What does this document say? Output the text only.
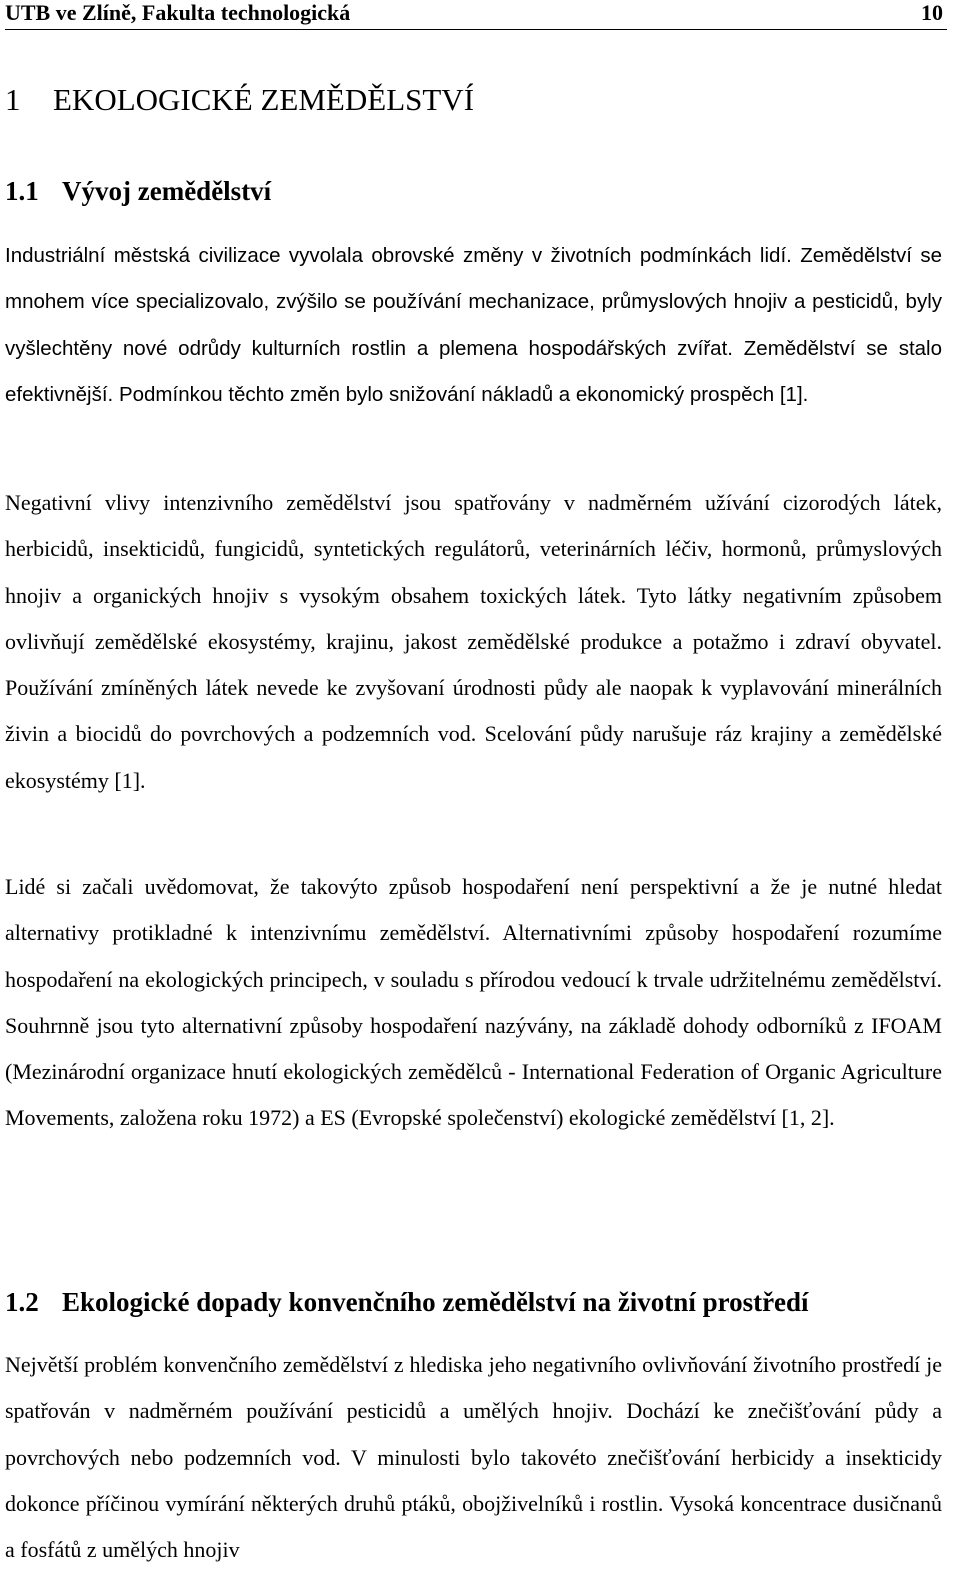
UTB ve Zlíně, Fakulta technologická	10
1 EKOLOGICKÉ ZEMĚDĚLSTVÍ
1.1 Vývoj zemědělství

Industriální městská civilizace vyvolala obrovské změny v životních podmínkách lidí. Zemědělství se mnohem více specializovalo, zvýšilo se používání mechanizace, průmyslových hnojiv a pesticidů, byly vyšlechtěny nové odrůdy kulturních rostlin a plemena hospodářských zvířat. Zemědělství se stalo efektivnější. Podmínkou těchto změn bylo snižování nákladů a ekonomický prospěch [1].

Negativní vlivy intenzivního zemědělství jsou spatřovány v nadměrném užívání cizorodých látek, herbicidů, insekticidů, fungicidů, syntetických regulátorů, veterinárních léčiv, hormonů, průmyslových hnojiv a organických hnojiv s vysokým obsahem toxických látek. Tyto látky negativním způsobem ovlivňují zemědělské ekosystémy, krajinu, jakost zemědělské produkce a potažmo i zdraví obyvatel. Používání zmíněných látek nevede ke zvyšovaní úrodnosti půdy ale naopak k vyplavování minerálních živin a biocidů do povrchových a podzemních vod. Scelování půdy narušuje ráz krajiny a zemědělské ekosystémy [1].

Lidé si začali uvědomovat, že takovýto způsob hospodaření není perspektivní a že je nutné hledat alternativy protikladné k intenzivnímu zemědělství. Alternativními způsoby hospodaření rozumíme hospodaření na ekologických principech, v souladu s přírodou vedoucí k trvale udržitelnému zemědělství. Souhrnně jsou tyto alternativní způsoby hospodaření nazývány, na základě dohody odborníků z IFOAM (Mezinárodní organizace hnutí ekologických zemědělců - International Federation of Organic Agriculture Movements, založena roku 1972) a ES (Evropské společenství) ekologické zemědělství [1, 2].

1.2 Ekologické dopady konvenčního zemědělství na životní prostředí

Největší problém konvenčního zemědělství z hlediska jeho negativního ovlivňování životního prostředí je spatřován v nadměrném používání pesticidů a umělých hnojiv. Dochází ke znečišťování půdy a povrchových nebo podzemních vod. V minulosti bylo takovéto znečišťování herbicidy a insekticidy dokonce příčinou vymírání některých druhů ptáků, obojživelníků i rostlin. Vysoká koncentrace dusičnanů a fosfátů z umělých hnojiv
